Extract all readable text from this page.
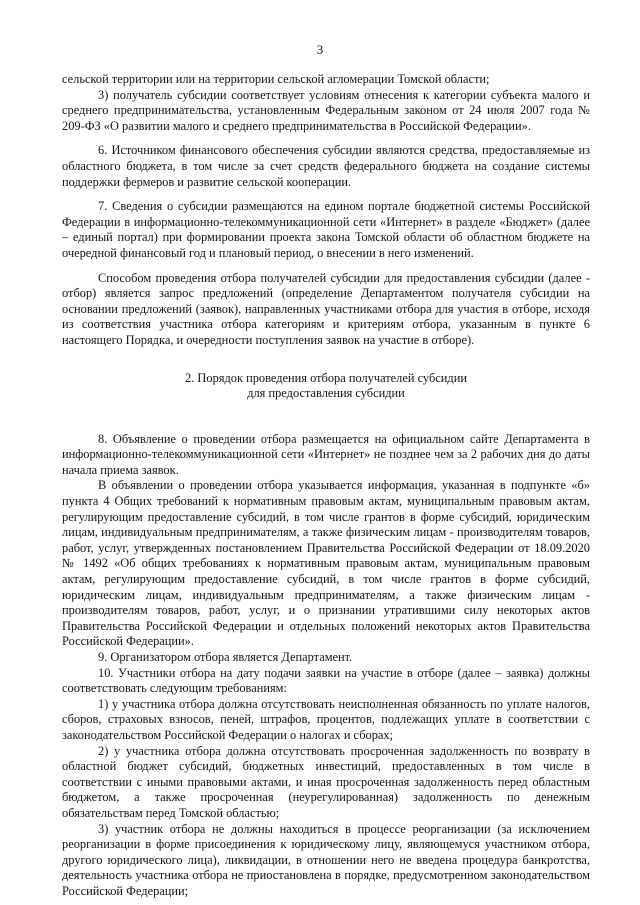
3

сельской территории или на территории сельской агломерации Томской области;

3) получатель субсидии соответствует условиям отнесения к категории субъекта малого и среднего предпринимательства, установленным Федеральным законом от 24 июля 2007 года № 209-ФЗ «О развитии малого и среднего предпринимательства в Российской Федерации».

6. Источником финансового обеспечения субсидии являются средства, предоставляемые из областного бюджета, в том числе за счет средств федерального бюджета на создание системы поддержки фермеров и развитие сельской кооперации.

7. Сведения о субсидии размещаются на едином портале бюджетной системы Российской Федерации в информационно-телекоммуникационной сети «Интернет» в разделе «Бюджет» (далее – единый портал) при формировании проекта закона Томской области об областном бюджете на очередной финансовый год и плановый период, о внесении в него изменений.

Способом проведения отбора получателей субсидии для предоставления субсидии (далее - отбор) является запрос предложений (определение Департаментом получателя субсидии на основании предложений (заявок), направленных участниками отбора для участия в отборе, исходя из соответствия участника отбора категориям и критериям отбора, указанным в пункте 6 настоящего Порядка, и очередности поступления заявок на участие в отборе).

2. Порядок проведения отбора получателей субсидии
для предоставления субсидии

8. Объявление о проведении отбора размещается на официальном сайте Департамента в информационно-телекоммуникационной сети «Интернет» не позднее чем за 2 рабочих дня до даты начала приема заявок.

В объявлении о проведении отбора указывается информация, указанная в подпункте «б» пункта 4 Общих требований к нормативным правовым актам, муниципальным правовым актам, регулирующим предоставление субсидий, в том числе грантов в форме субсидий, юридическим лицам, индивидуальным предпринимателям, а также физическим лицам - производителям товаров, работ, услуг, утвержденных постановлением Правительства Российской Федерации от 18.09.2020 № 1492 «Об общих требованиях к нормативным правовым актам, муниципальным правовым актам, регулирующим предоставление субсидий, в том числе грантов в форме субсидий, юридическим лицам, индивидуальным предпринимателям, а также физическим лицам - производителям товаров, работ, услуг, и о признании утратившими силу некоторых актов Правительства Российской Федерации и отдельных положений некоторых актов Правительства Российской Федерации».

9. Организатором отбора является Департамент.

10. Участники отбора на дату подачи заявки на участие в отборе (далее – заявка) должны соответствовать следующим требованиям:

1) у участника отбора должна отсутствовать неисполненная обязанность по уплате налогов, сборов, страховых взносов, пеней, штрафов, процентов, подлежащих уплате в соответствии с законодательством Российской Федерации о налогах и сборах;

2) у участника отбора должна отсутствовать просроченная задолженность по возврату в областной бюджет субсидий, бюджетных инвестиций, предоставленных в том числе в соответствии с иными правовыми актами, и иная просроченная задолженность перед областным бюджетом, а также просроченная (неурегулированная) задолженность по денежным обязательствам перед Томской областью;

3) участник отбора не должны находиться в процессе реорганизации (за исключением реорганизации в форме присоединения к юридическому лицу, являющемуся участником отбора, другого юридического лица), ликвидации, в отношении него не введена процедура банкротства, деятельность участника отбора не приостановлена в порядке, предусмотренном законодательством Российской Федерации;
